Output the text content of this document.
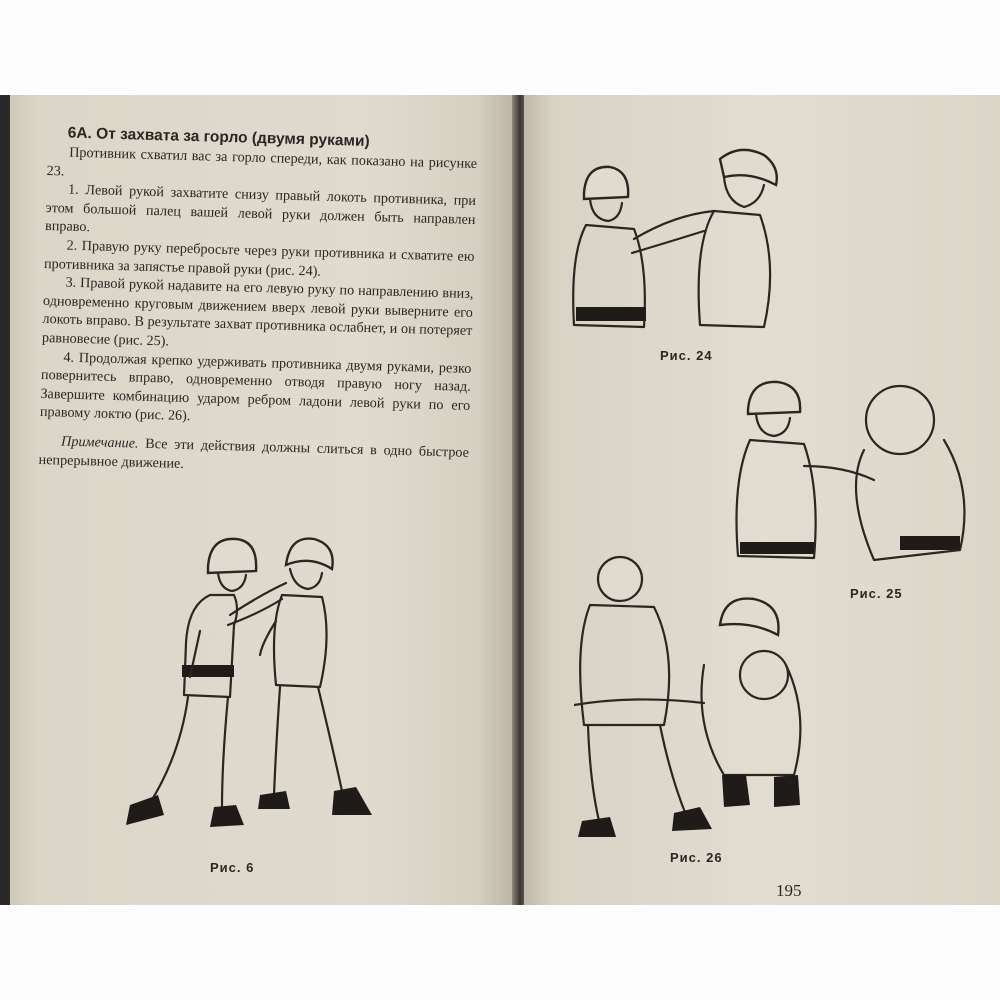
6А. От захвата за горло (двумя руками)

Противник схватил вас за горло спереди, как показано на рисунке 23.

1. Левой рукой захватите снизу правый локоть противника, при этом большой палец вашей левой руки должен быть направлен вправо.

2. Правую руку перебросьте через руки противника и схватите ею противника за запястье правой руки (рис. 24).

3. Правой рукой надавите на его левую руку по направлению вниз, одновременно круговым движением вверх левой руки выверните его локоть вправо. В результате захват противника ослабнет, и он потеряет равновесие (рис. 25).

4. Продолжая крепко удерживать противника двумя руками, резко повернитесь вправо, одновременно отводя правую ногу назад. Завершите комбинацию ударом ребром ладони левой руки по его правому локтю (рис. 26).

Примечание. Все эти действия должны слиться в одно быстрое непрерывное движение.

Рис. 6
Рис. 24
Рис. 25
Рис. 26
195
